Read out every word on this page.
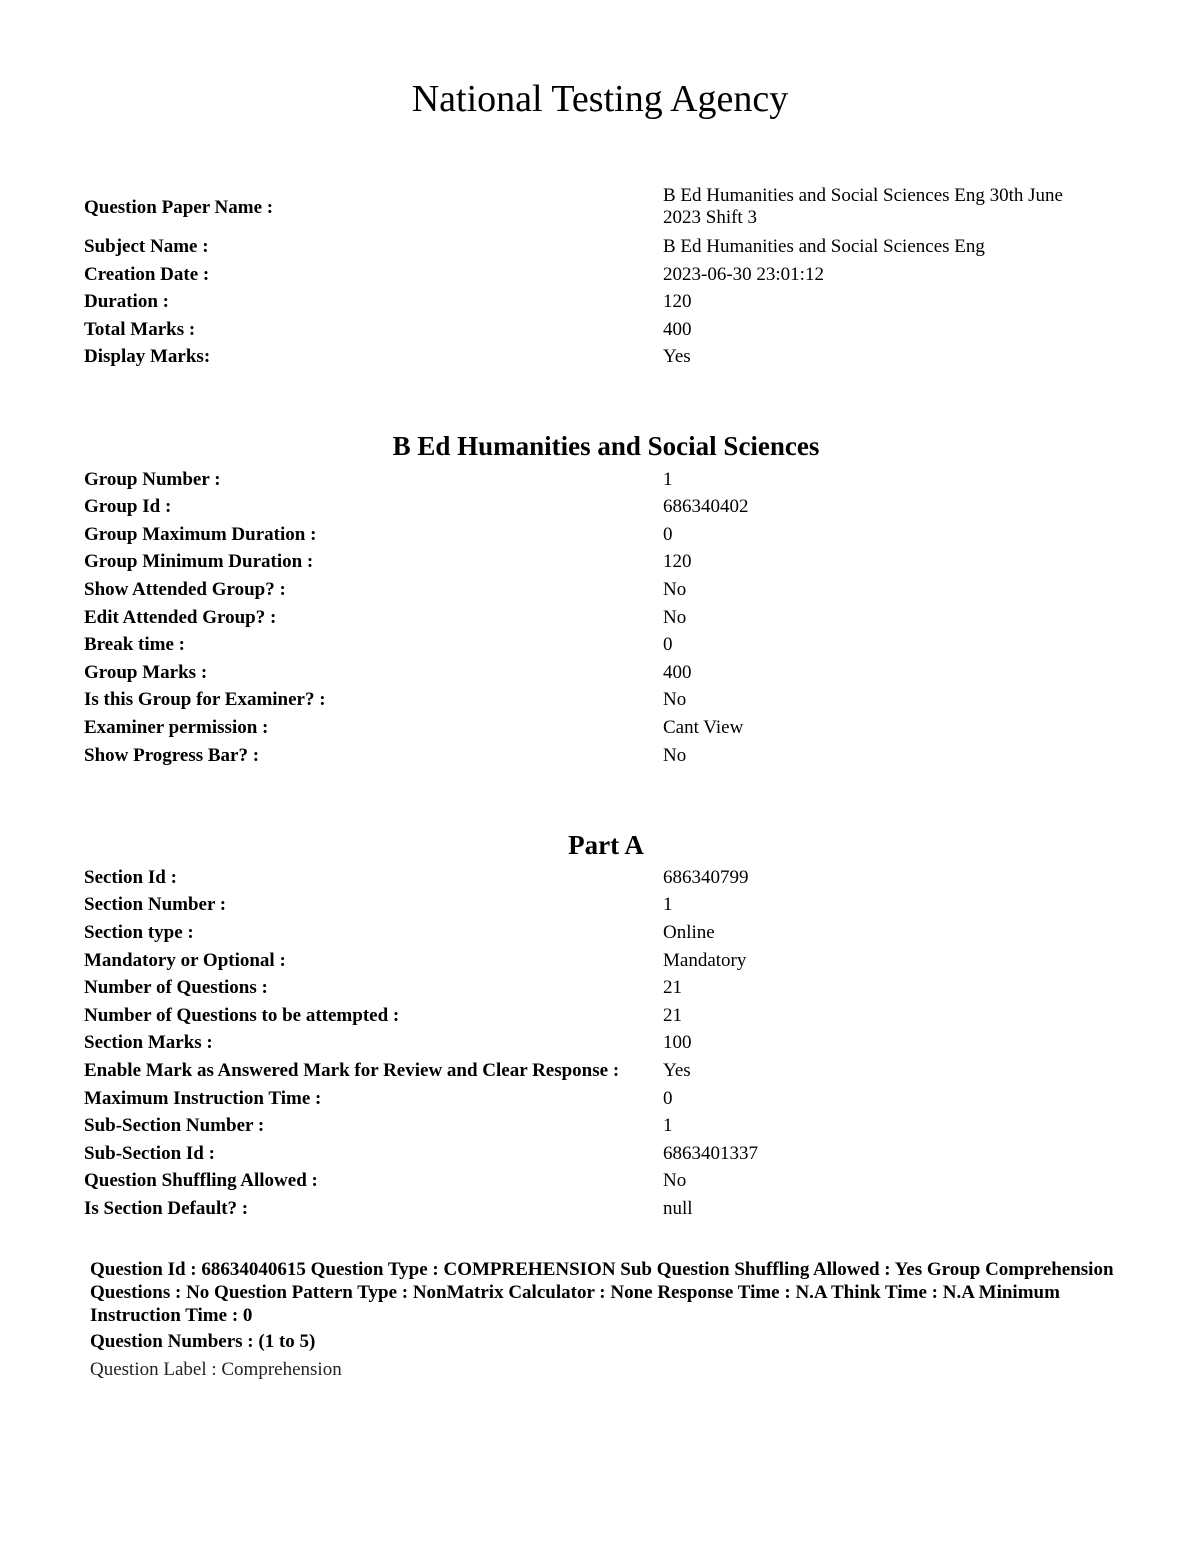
National Testing Agency
Question Paper Name :
B Ed Humanities and Social Sciences Eng 30th June 2023 Shift 3
Subject Name :	B Ed Humanities and Social Sciences Eng
Creation Date :	2023-06-30 23:01:12
Duration :	120
Total Marks :	400
Display Marks:	Yes
B Ed Humanities and Social Sciences
Group Number :	1
Group Id :	686340402
Group Maximum Duration :	0
Group Minimum Duration :	120
Show Attended Group? :	No
Edit Attended Group? :	No
Break time :	0
Group Marks :	400
Is this Group for Examiner? :	No
Examiner permission :	Cant View
Show Progress Bar? :	No
Part A
Section Id :	686340799
Section Number :	1
Section type :	Online
Mandatory or Optional :	Mandatory
Number of Questions :	21
Number of Questions to be attempted :	21
Section Marks :	100
Enable Mark as Answered Mark for Review and Clear Response : Yes
Maximum Instruction Time :	0
Sub-Section Number :	1
Sub-Section Id :	6863401337
Question Shuffling Allowed :	No
Is Section Default? :	null
Question Id : 68634040615 Question Type : COMPREHENSION Sub Question Shuffling Allowed : Yes Group Comprehension Questions : No Question Pattern Type : NonMatrix Calculator : None Response Time : N.A Think Time : N.A Minimum Instruction Time : 0
Question Numbers : (1 to 5)
Question Label : Comprehension
